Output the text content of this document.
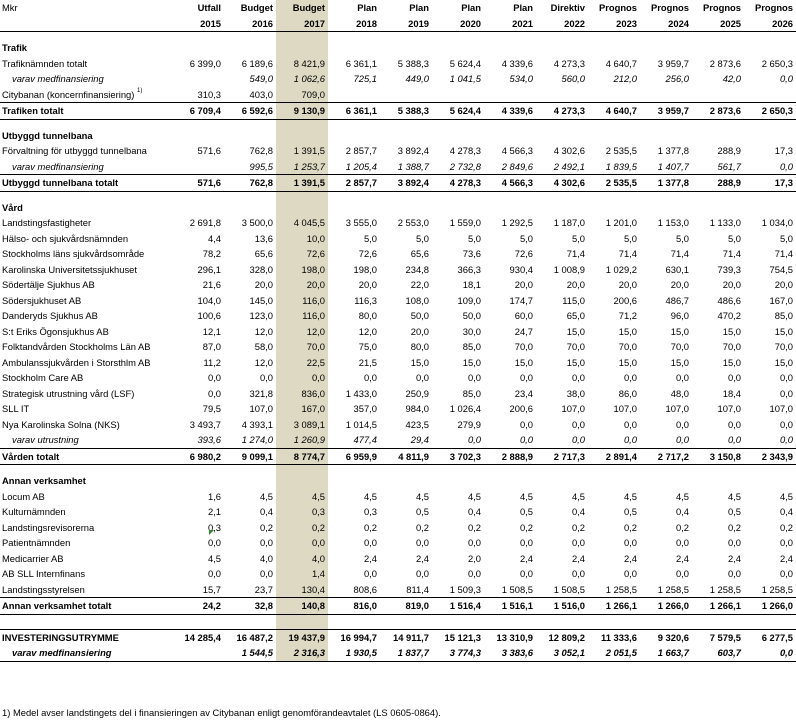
Mkr	Utfall	Budget	Budget	Plan	Plan	Plan	Plan	Direktiv	Prognos	Prognos	Prognos	Prognos
	2015	2016	2017	2018	2019	2020	2021	2022	2023	2024	2025	2026

Trafik												
Trafiknämnden totalt	6 399,0	6 189,6	8 421,9	6 361,1	5 388,3	5 624,4	4 339,6	4 273,3	4 640,7	3 959,7	2 873,6	2 650,3
varav medfinansiering		549,0	1 062,6	725,1	449,0	1 041,5	534,0	560,0	212,0	256,0	42,0	0,0
Citybanan (koncernfinansiering) $^{1)}$	310,3	403,0	709,0									
Trafiken totalt	6 709,4	6 592,6	9 130,9	6 361,1	5 388,3	5 624,4	4 339,6	4 273,3	4 640,7	3 959,7	2 873,6	2 650,3

Utbyggd tunnelbana												
Förvaltning för utbyggd tunnelbana	571,6	762,8	1 391,5	2 857,7	3 892,4	4 278,3	4 566,3	4 302,6	2 535,5	1 377,8	288,9	17,3
varav medfinansiering		995,5	1 253,7	1 205,4	1 388,7	2 732,8	2 849,6	2 492,1	1 839,5	1 407,7	561,7	0,0
Utbyggd tunnelbana totalt	571,6	762,8	1 391,5	2 857,7	3 892,4	4 278,3	4 566,3	4 302,6	2 535,5	1 377,8	288,9	17,3

Vård												
Landstingsfastigheter	2 691,8	3 500,0	4 045,5	3 555,0	2 553,0	1 559,0	1 292,5	1 187,0	1 201,0	1 153,0	1 133,0	1 034,0
Hälso- och sjukvårdsnämnden	4,4	13,6	10,0	5,0	5,0	5,0	5,0	5,0	5,0	5,0	5,0	5,0
Stockholms läns sjukvårdsområde	78,2	65,6	72,6	72,6	65,6	73,6	72,6	71,4	71,4	71,4	71,4	71,4
Karolinska Universitetssjukhuset	296,1	328,0	198,0	198,0	234,8	366,3	930,4	1 008,9	1 029,2	630,1	739,3	754,5
Södertälje Sjukhus AB	21,6	20,0	20,0	20,0	22,0	18,1	20,0	20,0	20,0	20,0	20,0	20,0
Södersjukhuset AB	104,0	145,0	116,0	116,3	108,0	109,0	174,7	115,0	200,6	486,7	486,6	167,0
Danderyds Sjukhus AB	100,6	123,0	116,0	80,0	50,0	50,0	60,0	65,0	71,2	96,0	470,2	85,0
S:t Eriks Ögonsjukhus AB	12,1	12,0	12,0	12,0	20,0	30,0	24,7	15,0	15,0	15,0	15,0	15,0
Folktandvården Stockholms Län AB	87,0	58,0	70,0	75,0	80,0	85,0	70,0	70,0	70,0	70,0	70,0	70,0
Ambulanssjukvården i Storsthlm AB	11,2	12,0	22,5	21,5	15,0	15,0	15,0	15,0	15,0	15,0	15,0	15,0
Stockholm Care AB	0,0	0,0	0,0	0,0	0,0	0,0	0,0	0,0	0,0	0,0	0,0	0,0
Strategisk utrustning vård (LSF)	0,0	321,8	836,0	1 433,0	250,9	85,0	23,4	38,0	86,0	48,0	18,4	0,0
SLL IT	79,5	107,0	167,0	357,0	984,0	1 026,4	200,6	107,0	107,0	107,0	107,0	107,0
Nya Karolinska Solna (NKS)	3 493,7	4 393,1	3 089,1	1 014,5	423,5	279,9	0,0	0,0	0,0	0,0	0,0	0,0
varav utrustning	393,6	1 274,0	1 260,9	477,4	29,4	0,0	0,0	0,0	0,0	0,0	0,0	0,0
Vården totalt	6 980,2	9 099,1	8 774,7	6 959,9	4 811,9	3 702,3	2 888,9	2 717,3	2 891,4	2 717,2	3 150,8	2 343,9

Annan verksamhet												
Locum AB	1,6	4,5	4,5	4,5	4,5	4,5	4,5	4,5	4,5	4,5	4,5	4,5
Kulturnämnden	2,1	0,4	0,3	0,3	0,5	0,4	0,5	0,4	0,5	0,4	0,5	0,4
Landstingsrevisorerna	0,3	0,2	0,2	0,2	0,2	0,2	0,2	0,2	0,2	0,2	0,2	0,2
Patientnämnden	0,0	0,0	0,0	0,0	0,0	0,0	0,0	0,0	0,0	0,0	0,0	0,0
Medicarrier AB	4,5	4,0	4,0	2,4	2,4	2,0	2,4	2,4	2,4	2,4	2,4	2,4
AB SLL Internfinans	0,0	0,0	1,4	0,0	0,0	0,0	0,0	0,0	0,0	0,0	0,0	0,0
Landstingsstyrelsen	15,7	23,7	130,4	808,6	811,4	1 509,3	1 508,5	1 508,5	1 258,5	1 258,5	1 258,5	1 258,5
Annan verksamhet totalt	24,2	32,8	140,8	816,0	819,0	1 516,4	1 516,1	1 516,0	1 266,1	1 266,0	1 266,1	1 266,0

INVESTERINGSUTRYMME	14 285,4	16 487,2	19 437,9	16 994,7	14 911,7	15 121,3	13 310,9	12 809,2	11 333,6	9 320,6	7 579,5	6 277,5
varav medfinansiering		1 544,5	2 316,3	1 930,5	1 837,7	3 774,3	3 383,6	3 052,1	2 051,5	1 663,7	603,7	0,0
1) Medel avser landstingets del i finansieringen av Citybanan enligt genomförandeavtalet (LS 0605-0864).
